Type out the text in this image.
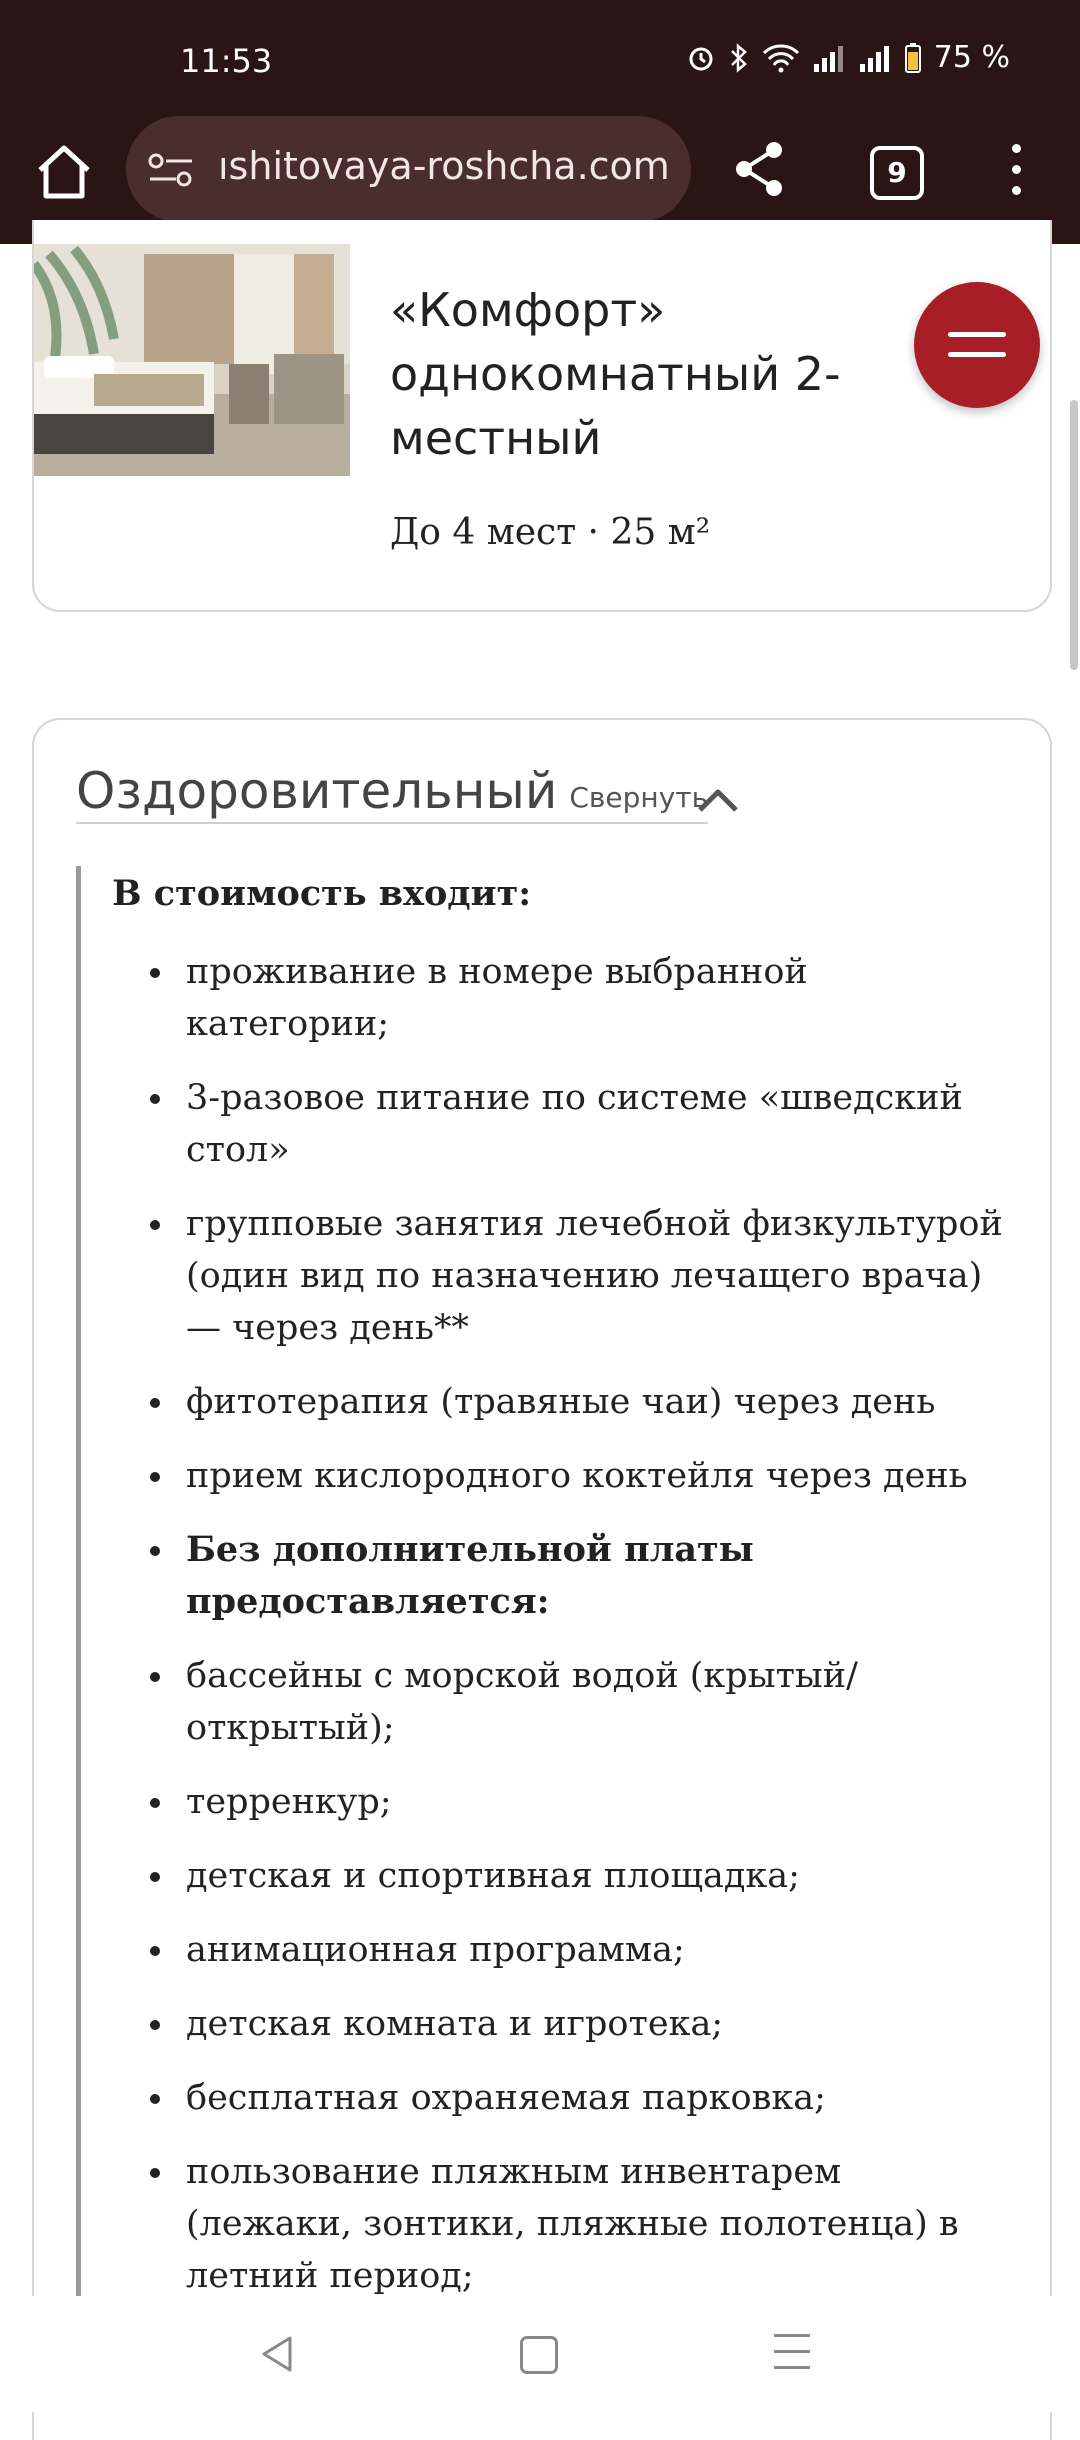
11:53	75 %
ıshitovaya-roshcha.com	9
«Комфорт» однокомнатный 2-местный
До 4 мест · 25 м²
Оздоровительный Свернуть
В стоимость входит:
проживание в номере выбранной категории;
3-разовое питание по системе «шведский стол»
групповые занятия лечебной физкультурой (один вид по назначению лечащего врача) — через день**
фитотерапия (травяные чаи) через день
прием кислородного коктейля через день
Без дополнительной платы предоставляется:
бассейны с морской водой (крытый/открытый);
терренкур;
детская и спортивная площадка;
анимационная программа;
детская комната и игротека;
бесплатная охраняемая парковка;
пользование пляжным инвентарем (лежаки, зонтики, пляжные полотенца) в летний период;
